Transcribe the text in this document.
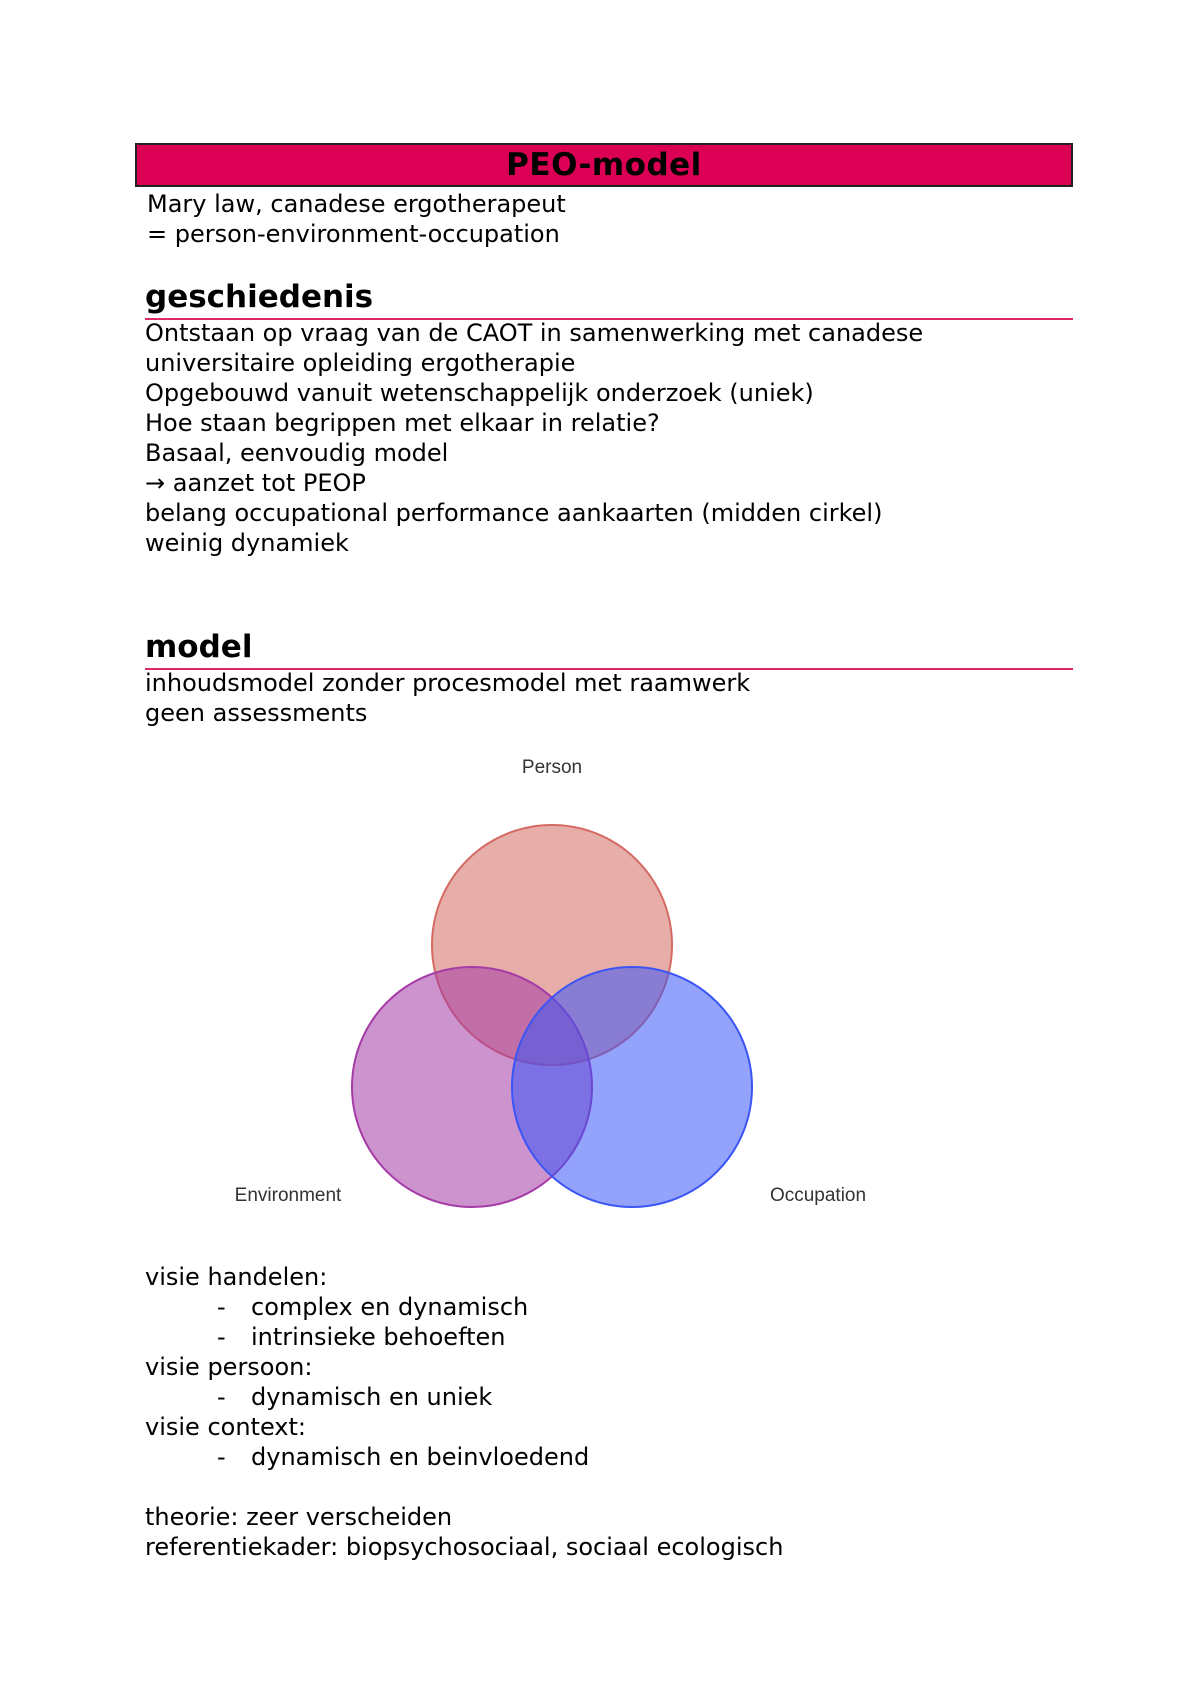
PEO-model
Mary law, canadese ergotherapeut
= person-environment-occupation
geschiedenis
Ontstaan op vraag van de CAOT in samenwerking met canadese
universitaire opleiding ergotherapie
Opgebouwd vanuit wetenschappelijk onderzoek (uniek)
Hoe staan begrippen met elkaar in relatie?
Basaal, eenvoudig model
→ aanzet tot PEOP
belang occupational performance aankaarten (midden cirkel)
weinig dynamiek
model
inhoudsmodel zonder procesmodel met raamwerk
geen assessments
Person
Environment	Occupation
visie handelen:
- complex en dynamisch
- intrinsieke behoeften
visie persoon:
- dynamisch en uniek
visie context:
- dynamisch en beinvloedend

theorie: zeer verscheiden
referentiekader: biopsychosociaal, sociaal ecologisch
